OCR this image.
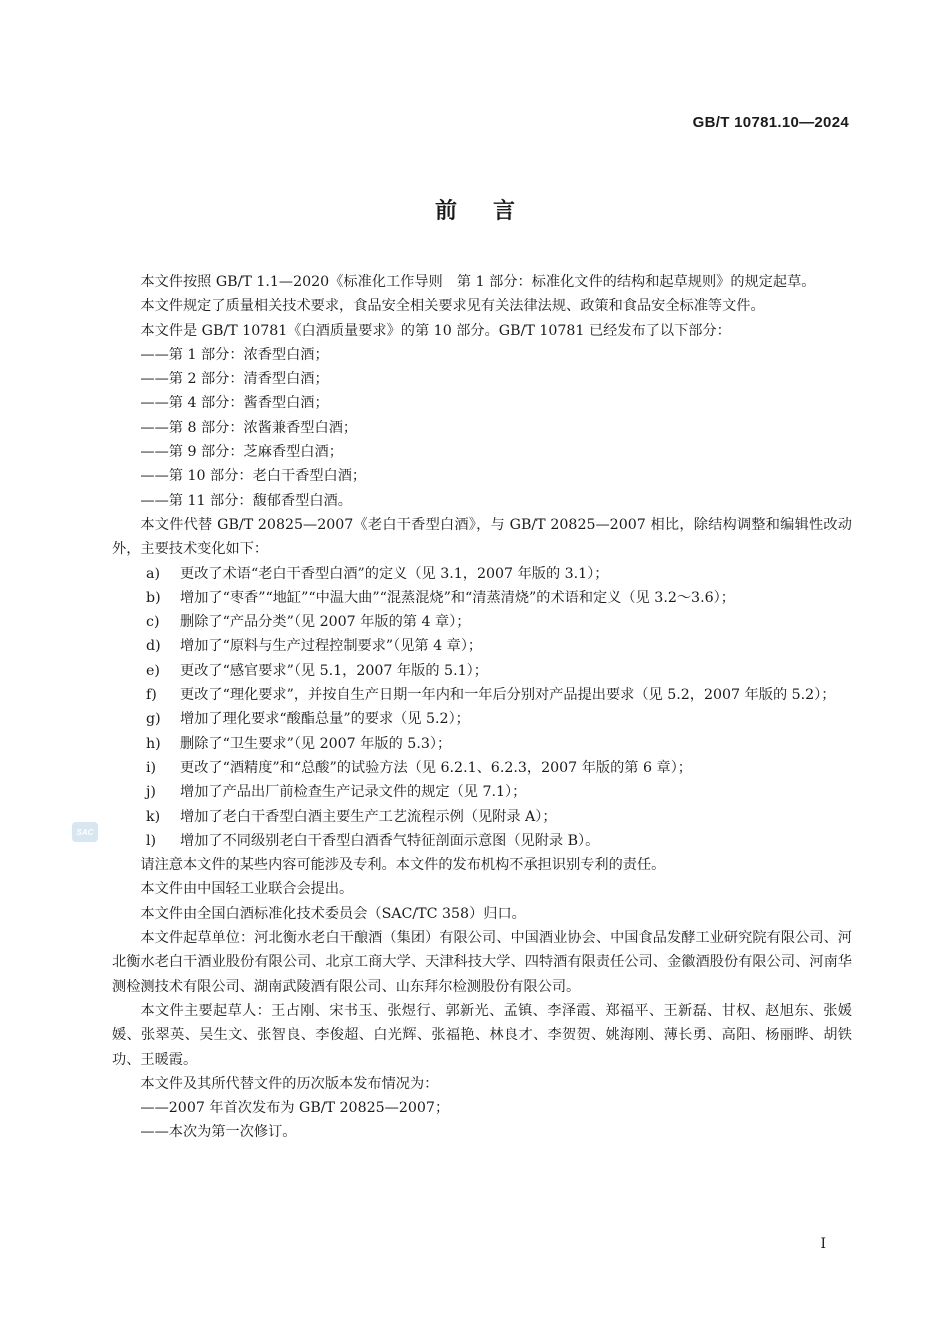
GB/T 10781.10—2024
前言

本文件按照 GB/T 1.1—2020《标准化工作导则　第 1 部分：标准化文件的结构和起草规则》的规定起草。

本文件规定了质量相关技术要求，食品安全相关要求见有关法律法规、政策和食品安全标准等文件。

本文件是 GB/T 10781《白酒质量要求》的第 10 部分。GB/T 10781 已经发布了以下部分：

——第 1 部分：浓香型白酒；

——第 2 部分：清香型白酒；

——第 4 部分：酱香型白酒；

——第 8 部分：浓酱兼香型白酒；

——第 9 部分：芝麻香型白酒；

——第 10 部分：老白干香型白酒；

——第 11 部分：馥郁香型白酒。

本文件代替 GB/T 20825—2007《老白干香型白酒》，与 GB/T 20825—2007 相比，除结构调整和编辑性改动外，主要技术变化如下：

a) 更改了术语“老白干香型白酒”的定义（见 3.1，2007 年版的 3.1）；

b) 增加了“枣香”“地缸”“中温大曲”“混蒸混烧”和“清蒸清烧”的术语和定义（见 3.2～3.6）；

c) 删除了“产品分类”（见 2007 年版的第 4 章）；

d) 增加了“原料与生产过程控制要求”（见第 4 章）；

e) 更改了“感官要求”（见 5.1，2007 年版的 5.1）；

f) 更改了“理化要求”，并按自生产日期一年内和一年后分别对产品提出要求（见 5.2，2007 年版的 5.2）；

g) 增加了理化要求“酸酯总量”的要求（见 5.2）；

h) 删除了“卫生要求”（见 2007 年版的 5.3）；

i) 更改了“酒精度”和“总酸”的试验方法（见 6.2.1、6.2.3，2007 年版的第 6 章）；

j) 增加了产品出厂前检查生产记录文件的规定（见 7.1）；

k) 增加了老白干香型白酒主要生产工艺流程示例（见附录 A）；

l) 增加了不同级别老白干香型白酒香气特征剖面示意图（见附录 B）。

请注意本文件的某些内容可能涉及专利。本文件的发布机构不承担识别专利的责任。

本文件由中国轻工业联合会提出。

本文件由全国白酒标准化技术委员会（SAC/TC 358）归口。

本文件起草单位：河北衡水老白干酿酒（集团）有限公司、中国酒业协会、中国食品发酵工业研究院有限公司、河北衡水老白干酒业股份有限公司、北京工商大学、天津科技大学、四特酒有限责任公司、金徽酒股份有限公司、河南华测检测技术有限公司、湖南武陵酒有限公司、山东拜尔检测股份有限公司。

本文件主要起草人：王占刚、宋书玉、张煜行、郭新光、孟镇、李泽霞、郑福平、王新磊、甘权、赵旭东、张媛媛、张翠英、吴生文、张智良、李俊超、白光辉、张福艳、林良才、李贺贺、姚海刚、薄长勇、高阳、杨丽晔、胡铁功、王暖霞。

本文件及其所代替文件的历次版本发布情况为：

——2007 年首次发布为 GB/T 20825—2007；

——本次为第一次修订。

SAC
I
